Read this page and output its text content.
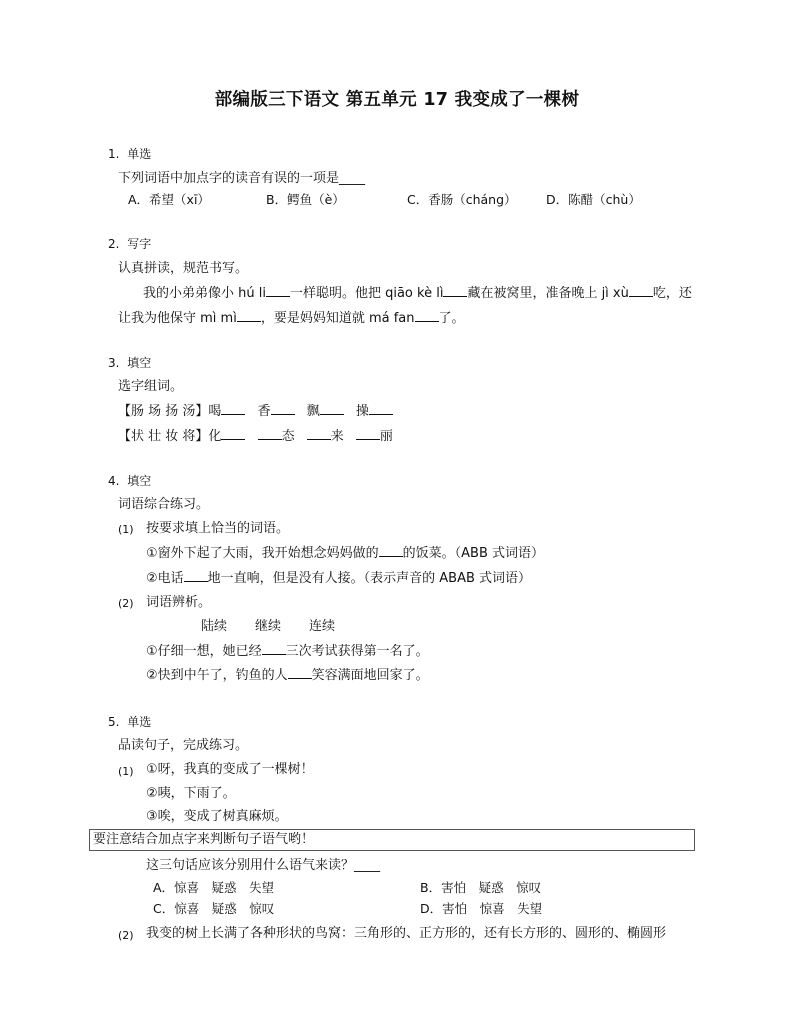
部编版三下语文 第五单元 17 我变成了一棵树
1. 单选
下列词语中加点字的读音有误的一项是____
A．希望（xī）	B．鳄鱼（è）	C．香肠（cháng） D．陈醋（chù）
2. 写字
认真拼读，规范书写。
我的小弟弟像小 hú li 一样聪明。他把 qiāo kè lì 藏在被窝里，准备晚上 jì xù 吃，还
让我为他保守 mì mì ，要是妈妈知道就 má fan 了。
3. 填空
选字组词。
【肠 场 扬 汤】喝	香	飘	操
【状 壮 妆 将】化	态	来	丽
4. 填空
词语综合练习。
(1) 按要求填上恰当的词语。
①窗外下起了大雨，我开始想念妈妈做的 的饭菜。（ABB 式词语）
②电话 地一直响，但是没有人接。（表示声音的 ABAB 式词语）
(2) 词语辨析。
陆续 继续 连续
①仔细一想，她已经 三次考试获得第一名了。
②快到中午了，钓鱼的人 笑容满面地回家了。
5. 单选
品读句子，完成练习。
(1) ①呀，我真的变成了一棵树！
②咦，下雨了。
③唉，变成了树真麻烦。
要注意结合加点字来判断句子语气哟！
这三句话应该分别用什么语气来读？____
A．惊喜　疑惑　失望	B．害怕　疑惑　惊叹
C．惊喜　疑惑　惊叹	D．害怕　惊喜　失望
(2) 我变的树上长满了各种形状的鸟窝：三角形的、正方形的，还有长方形的、圆形的、椭圆形
